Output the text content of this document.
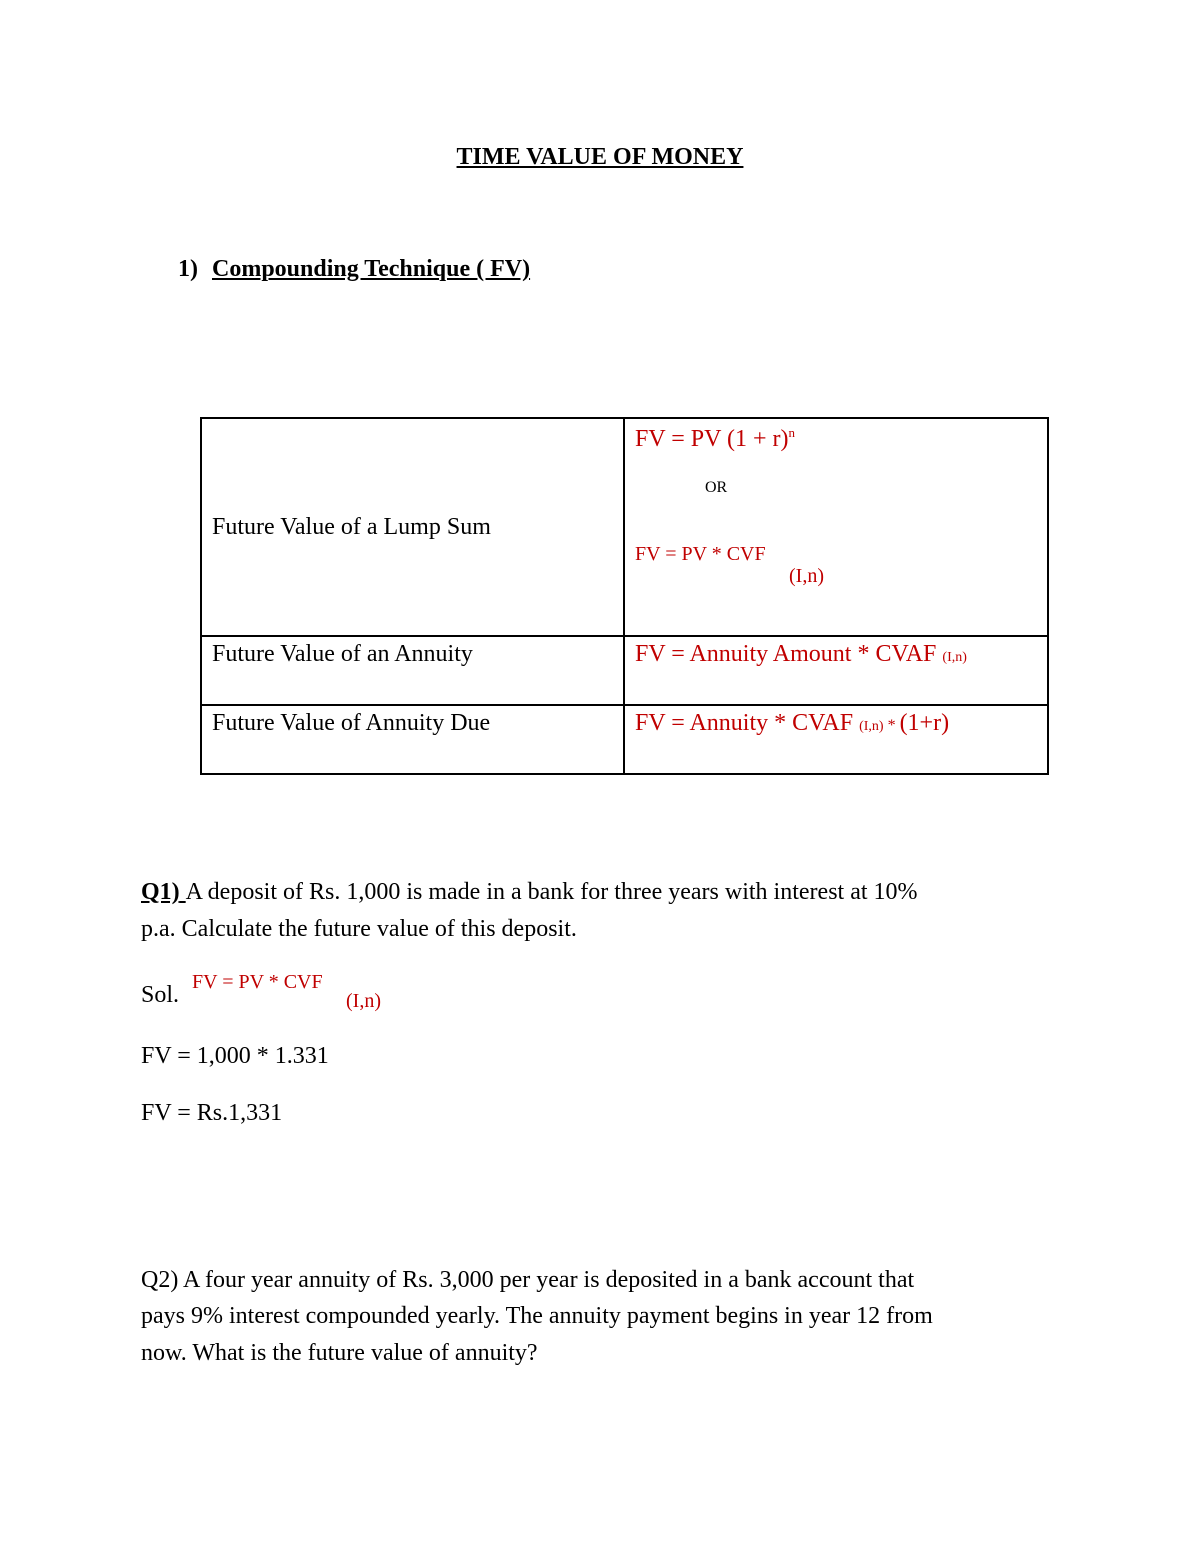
TIME VALUE OF MONEY
1) Compounding Technique ( FV)
Future Value of a Lump Sum	FV = PV $(1 + r)^n$
OR
FV = PV * CVF
(I,n)

Future Value of an Annuity	FV = Annuity Amount * CVAF (I,n)
Future Value of Annuity Due	FV = Annuity * CVAF (I,n) * (1+r)
Q1) A deposit of Rs. 1,000 is made in a bank for three years with interest at 10%
p.a. Calculate the future value of this deposit.
Sol. FV = PV * CVF
(I,n)
FV = 1,000 * 1.331
FV = Rs.1,331
Q2) A four year annuity of Rs. 3,000 per year is deposited in a bank account that
pays 9% interest compounded yearly. The annuity payment begins in year 12 from
now. What is the future value of annuity?
